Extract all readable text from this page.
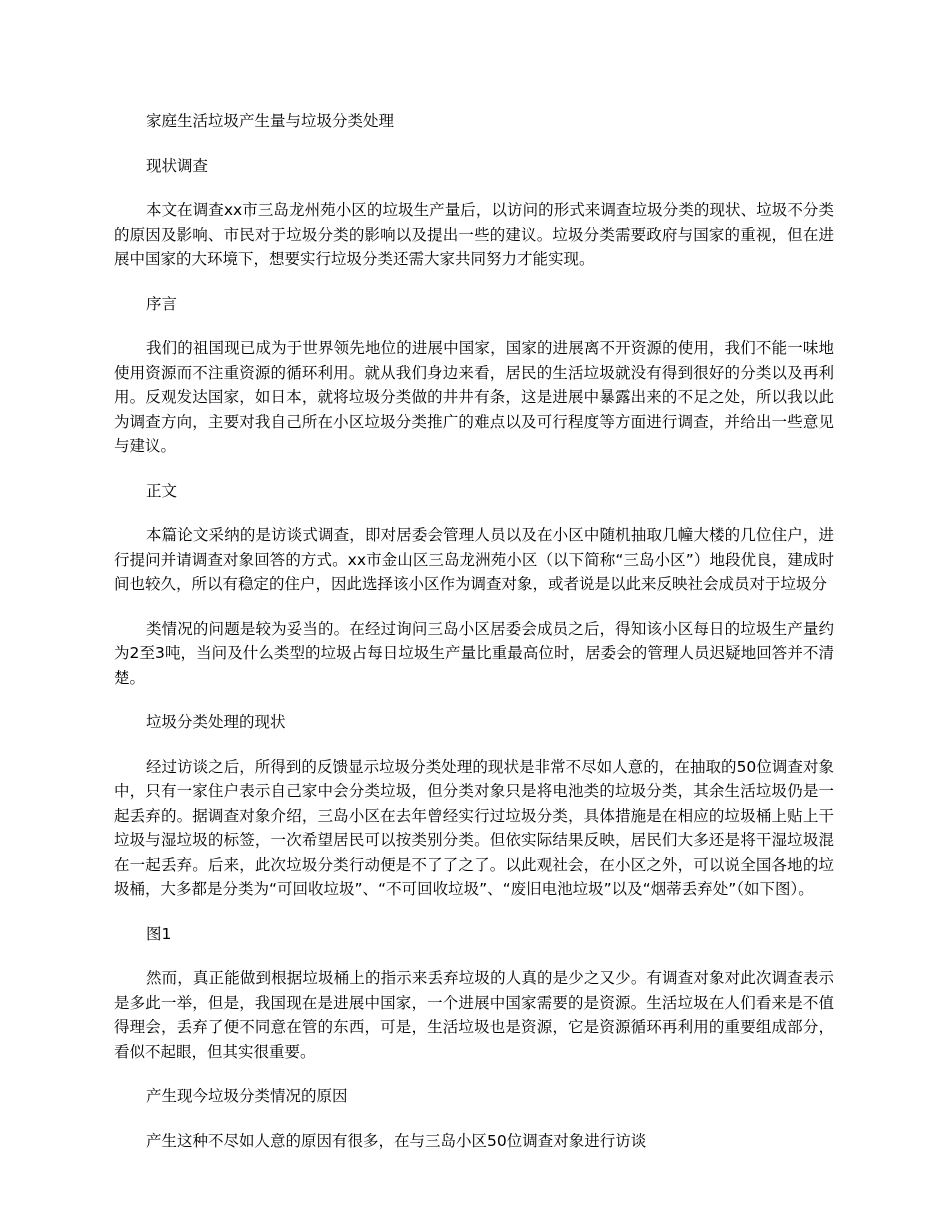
家庭生活垃圾产生量与垃圾分类处理
现状调查
本文在调查xx市三岛龙州苑小区的垃圾生产量后，以访问的形式来调查垃圾分类的现状、垃圾不分类的原因及影响、市民对于垃圾分类的影响以及提出一些的建议。垃圾分类需要政府与国家的重视，但在进展中国家的大环境下，想要实行垃圾分类还需大家共同努力才能实现。
序言
我们的祖国现已成为于世界领先地位的进展中国家，国家的进展离不开资源的使用，我们不能一味地使用资源而不注重资源的循环利用。就从我们身边来看，居民的生活垃圾就没有得到很好的分类以及再利用。反观发达国家，如日本，就将垃圾分类做的井井有条，这是进展中暴露出来的不足之处，所以我以此为调查方向，主要对我自己所在小区垃圾分类推广的难点以及可行程度等方面进行调查，并给出一些意见与建议。
正文
本篇论文采纳的是访谈式调查，即对居委会管理人员以及在小区中随机抽取几幢大楼的几位住户，进行提问并请调查对象回答的方式。xx市金山区三岛龙洲苑小区（以下简称“三岛小区”）地段优良，建成时间也较久，所以有稳定的住户，因此选择该小区作为调查对象，或者说是以此来反映社会成员对于垃圾分
类情况的问题是较为妥当的。在经过询问三岛小区居委会成员之后，得知该小区每日的垃圾生产量约为2至3吨，当问及什么类型的垃圾占每日垃圾生产量比重最高位时，居委会的管理人员迟疑地回答并不清楚。
垃圾分类处理的现状
经过访谈之后，所得到的反馈显示垃圾分类处理的现状是非常不尽如人意的，在抽取的50位调查对象中，只有一家住户表示自己家中会分类垃圾，但分类对象只是将电池类的垃圾分类，其余生活垃圾仍是一起丢弃的。据调查对象介绍，三岛小区在去年曾经实行过垃圾分类，具体措施是在相应的垃圾桶上贴上干垃圾与湿垃圾的标签，一次希望居民可以按类别分类。但依实际结果反映，居民们大多还是将干湿垃圾混在一起丢弃。后来，此次垃圾分类行动便是不了了之了。以此观社会，在小区之外，可以说全国各地的垃圾桶，大多都是分类为“可回收垃圾”、“不可回收垃圾”、“废旧电池垃圾”以及“烟蒂丢弃处”（如下图）。
图1
然而，真正能做到根据垃圾桶上的指示来丢弃垃圾的人真的是少之又少。有调查对象对此次调查表示是多此一举，但是，我国现在是进展中国家，一个进展中国家需要的是资源。生活垃圾在人们看来是不值得理会，丢弃了便不同意在管的东西，可是，生活垃圾也是资源，它是资源循环再利用的重要组成部分，看似不起眼，但其实很重要。
产生现今垃圾分类情况的原因
产生这种不尽如人意的原因有很多，在与三岛小区50位调查对象进行访谈
